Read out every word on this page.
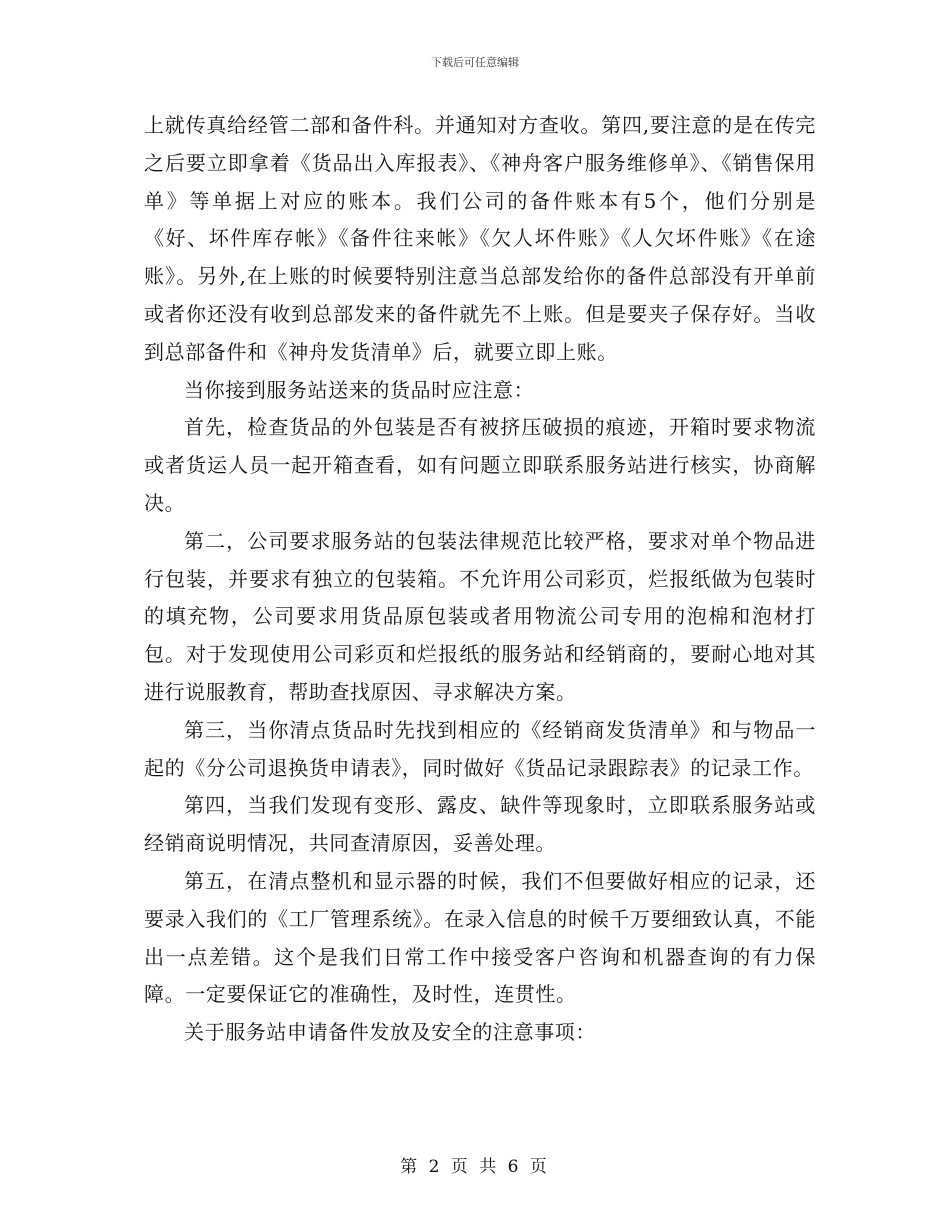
下载后可任意编辑

上就传真给经管二部和备件科。并通知对方查收。第四,要注意的是在传完之后要立即拿着《货品出入库报表》、《神舟客户服务维修单》、《销售保用单》等单据上对应的账本。我们公司的备件账本有5个，他们分别是《好、坏件库存帐》《备件往来帐》《欠人坏件账》《人欠坏件账》《在途账》。另外,在上账的时候要特别注意当总部发给你的备件总部没有开单前或者你还没有收到总部发来的备件就先不上账。但是要夹子保存好。当收到总部备件和《神舟发货清单》后，就要立即上账。

当你接到服务站送来的货品时应注意：

首先，检查货品的外包装是否有被挤压破损的痕迹，开箱时要求物流或者货运人员一起开箱查看，如有问题立即联系服务站进行核实，协商解决。

第二，公司要求服务站的包装法律规范比较严格，要求对单个物品进行包装，并要求有独立的包装箱。不允许用公司彩页，烂报纸做为包装时的填充物，公司要求用货品原包装或者用物流公司专用的泡棉和泡材打包。对于发现使用公司彩页和烂报纸的服务站和经销商的，要耐心地对其进行说服教育，帮助查找原因、寻求解决方案。

第三，当你清点货品时先找到相应的《经销商发货清单》和与物品一起的《分公司退换货申请表》，同时做好《货品记录跟踪表》的记录工作。

第四，当我们发现有变形、露皮、缺件等现象时，立即联系服务站或经销商说明情况，共同查清原因，妥善处理。

第五，在清点整机和显示器的时候，我们不但要做好相应的记录，还要录入我们的《工厂管理系统》。在录入信息的时候千万要细致认真，不能出一点差错。这个是我们日常工作中接受客户咨询和机器查询的有力保障。一定要保证它的准确性，及时性，连贯性。

关于服务站申请备件发放及安全的注意事项：

第 2 页 共 6 页
